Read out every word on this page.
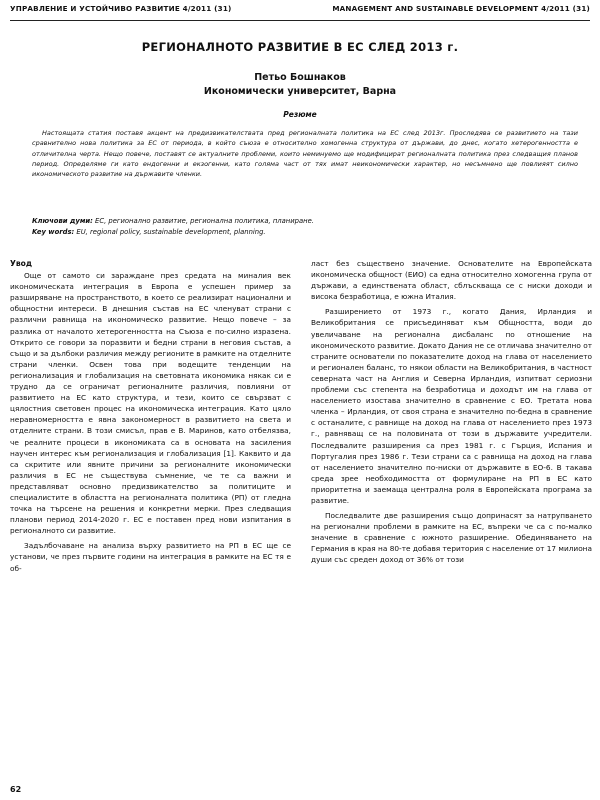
УПРАВЛЕНИЕ И УСТОЙЧИВО РАЗВИТИЕ 4/2011 (31)	MANAGEMENT AND SUSTAINABLE DEVELOPMENT 4/2011 (31)
РЕГИОНАЛНОТО РАЗВИТИЕ В ЕС СЛЕД 2013 г.
Петьо Бошнаков
Икономически университет, Варна
Резюме
Настоящата статия поставя акцент на предизвикателствата пред регионалната политика на ЕС след 2013г. Проследява се развитието на тази сравнително нова политика за ЕС от периода, в който съюза е относително хомогенна структура от държави, до днес, когато хетерогенността е отличителна черта. Нещо повече, поставят се актуалните проблеми, които неминуемо ще модифицират регионалната политика през следващия планов период. Определяме ги като ендогенни и екзогенни, като голяма част от тях имат неикономически характер, но несъмнено ще повлияят силно икономическото развитие на държавите членки.
Ключови думи: ЕС, регионално развитие, регионална политика, планиране.
Key words: EU, regional policy, sustainable development, planning.
Увод

Още от самото си зараждане през средата на миналия век икономическата интеграция в Европа е успешен пример за разширяване на пространството, в което се реализират национални и общностни интереси. В днешния състав на ЕС членуват страни с различни равнища на икономическо развитие. Нещо повече – за разлика от началото хетерогенността на Съюза е по-силно изразена. Открито се говори за поразвити и бедни страни в неговия състав, а също и за дълбоки различия между регионите в рамките на отделните страни членки. Освен това при водещите тенденции на регионализация и глобализация на световната икономика някак си е трудно да се ограничат регионалните различия, повлияни от развитието на ЕС като структура, и тези, които се свързват с цялостния световен процес на икономическа интеграция. Като цяло неравномерността е явна закономерност в развитието на света и отделните страни. В този смисъл, прав е В. Маринов, като отбелязва, че реалните процеси в икономиката са в основата на засиления научен интерес към регионализация и глобализация [1]. Каквито и да са скритите или явните причини за регионалните икономически различия в ЕС не съществува съмнение, че те са важни и представляват основно предизвикателство за политиците и специалистите в областта на регионалната политика (РП) от гледна точка на търсене на решения и конкретни мерки. През следващия планови период 2014-2020 г. ЕС е поставен пред нови изпитания в регионалното си развитие.

Задълбочаване на анализа върху развитието на РП в ЕС ще се установи, че през първите години на интеграция в рамките на ЕС тя е об-

ласт без съществено значение. Основателите на Европейската икономическа общност (ЕИО) са една относително хомогенна група от държави, а единствената област, сблъскваща се с ниски доходи и висока безработица, е южна Италия.

Разширението от 1973 г., когато Дания, Ирландия и Великобритания се присъединяват към Общността, води до увеличаване на регионална дисбаланс по отношение на икономическото развитие. Докато Дания не се отличава значително от страните основатели по показателите доход на глава от населението и регионален баланс, то някои области на Великобритания, в частност северната част на Англия и Северна Ирландия, изпитват сериозни проблеми със степента на безработица и доходът им на глава от населението изостава значително в сравнение с ЕО. Третата нова членка – Ирландия, от своя страна е значително по-бедна в сравнение с останалите, с равнище на доход на глава от населението през 1973 г., равняващ се на половината от този в държавите учредители. Последвалите разширения са през 1981 г. с Гърция, Испания и Португалия през 1986 г. Тези страни са с равнища на доход на глава от населението значително по-ниски от държавите в ЕО-6. В такава среда зрее необходимостта от формулиране на РП в ЕС като приоритетна и заемаща централна роля в Европейската програма за развитие.

Последвалите две разширения също допринасят за натрупването на регионални проблеми в рамките на ЕС, въпреки че са с по-малко значение в сравнение с южното разширение. Обединяването на Германия в края на 80-те добавя територия с население от 17 милиона души със среден доход от 36% от този

62
